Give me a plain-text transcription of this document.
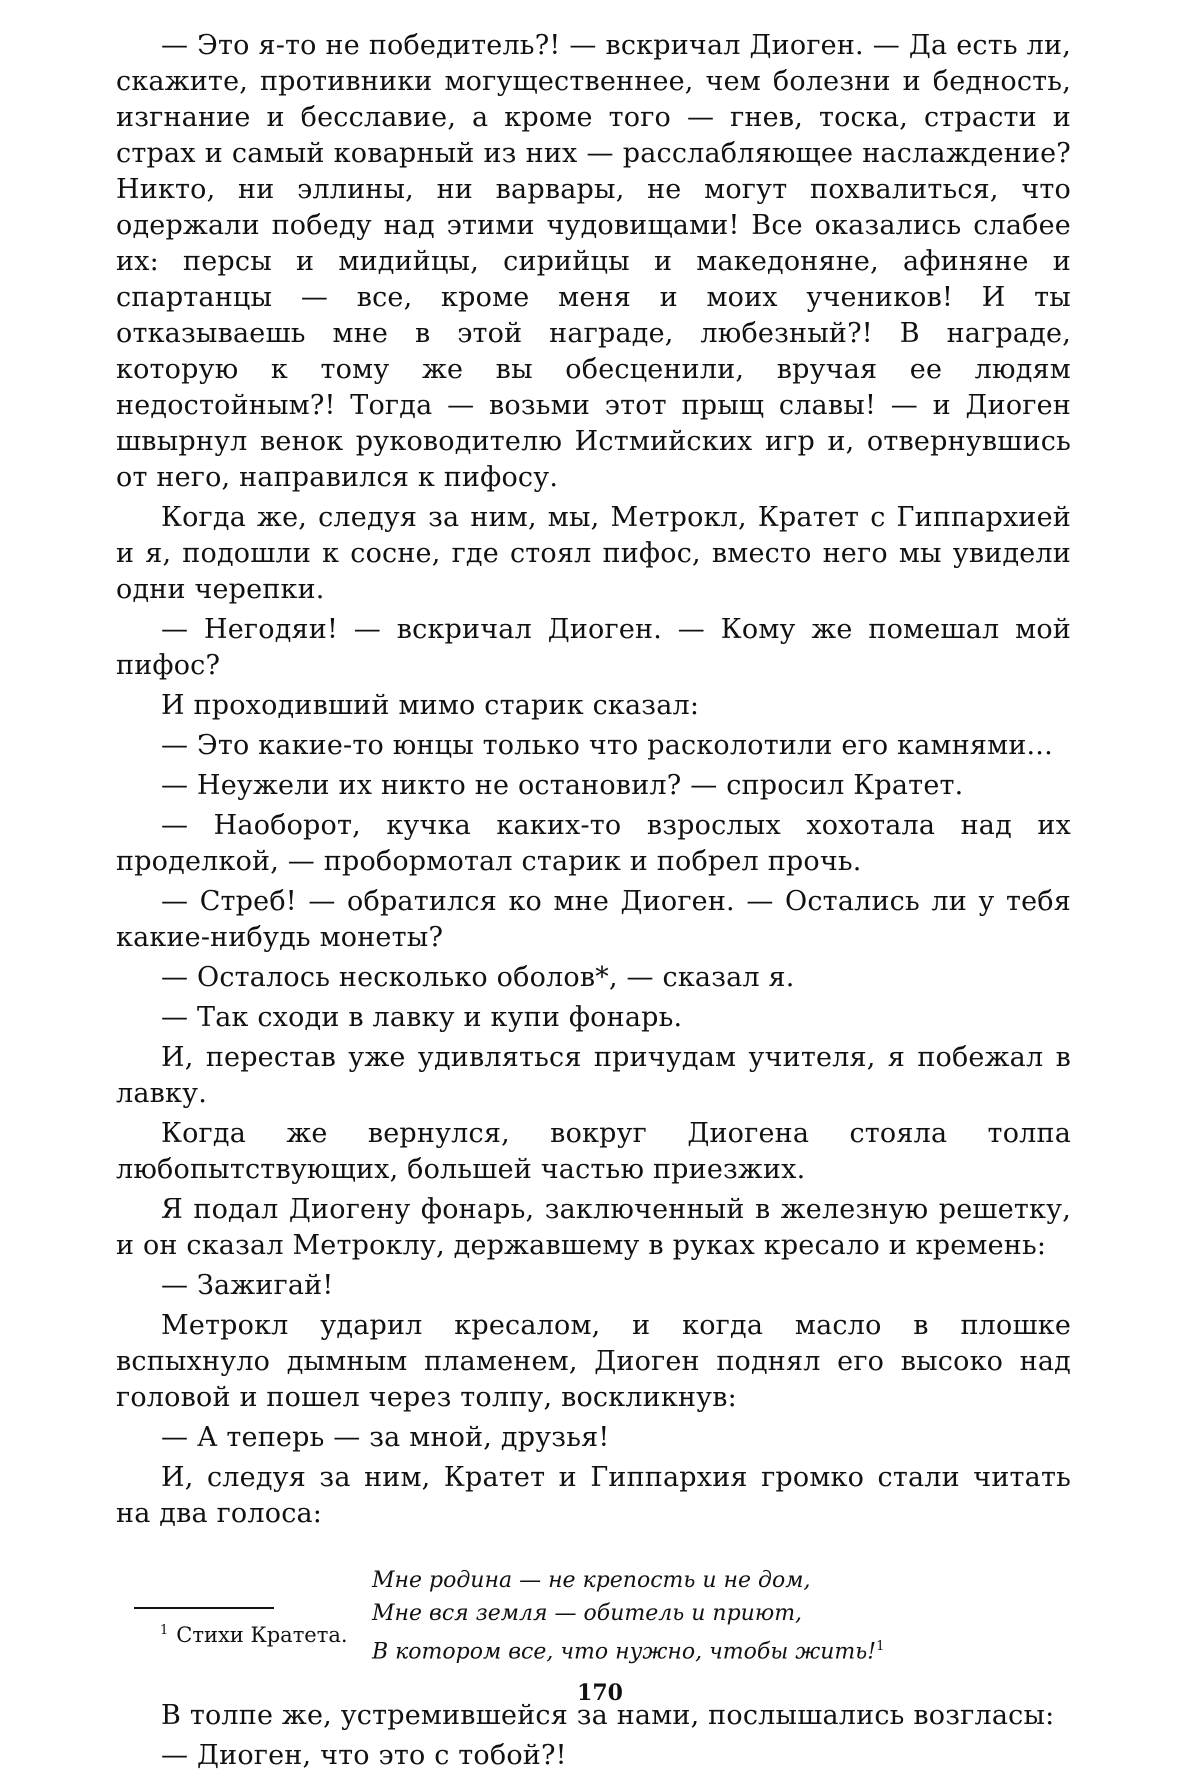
— Это я-то не победитель?! — вскричал Диоген. — Да есть ли, скажите, противники могущественнее, чем болезни и бедность, изгнание и бесславие, а кроме того — гнев, тоска, страсти и страх и самый коварный из них — расслабляющее наслаждение? Никто, ни эллины, ни варвары, не могут похвалиться, что одержали победу над этими чудовищами! Все оказались слабее их: персы и мидийцы, сирийцы и македоняне, афиняне и спартанцы — все, кроме меня и моих учеников! И ты отказываешь мне в этой награде, любезный?! В награде, которую к тому же вы обесценили, вручая ее людям недостойным?! Тогда — возьми этот прыщ славы! — и Диоген швырнул венок руководителю Истмийских игр и, отвернувшись от него, направился к пифосу.

Когда же, следуя за ним, мы, Метрокл, Кратет с Гиппархией и я, подошли к сосне, где стоял пифос, вместо него мы увидели одни черепки.

— Негодяи! — вскричал Диоген. — Кому же помешал мой пифос?

И проходивший мимо старик сказал:

— Это какие-то юнцы только что расколотили его камнями...

— Неужели их никто не остановил? — спросил Кратет.

— Наоборот, кучка каких-то взрослых хохотала над их проделкой, — пробормотал старик и побрел прочь.

— Стреб! — обратился ко мне Диоген. — Остались ли у тебя какие-нибудь монеты?

— Осталось несколько оболов*, — сказал я.

— Так сходи в лавку и купи фонарь.

И, перестав уже удивляться причудам учителя, я побежал в лавку.

Когда же вернулся, вокруг Диогена стояла толпа любопытствующих, большей частью приезжих.

Я подал Диогену фонарь, заключенный в железную решетку, и он сказал Метроклу, державшему в руках кресало и кремень:

— Зажигай!

Метрокл ударил кресалом, и когда масло в плошке вспыхнуло дымным пламенем, Диоген поднял его высоко над головой и пошел через толпу, воскликнув:

— А теперь — за мной, друзья!

И, следуя за ним, Кратет и Гиппархия громко стали читать на два голоса:

Мне родина — не крепость и не дом,
Мне вся земля — обитель и приют,
В котором все, что нужно, чтобы жить!$^1$

В толпе же, устремившейся за нами, послышались возгласы:

— Диоген, что это с тобой?!

$^1$ Стихи Кратета.
170
